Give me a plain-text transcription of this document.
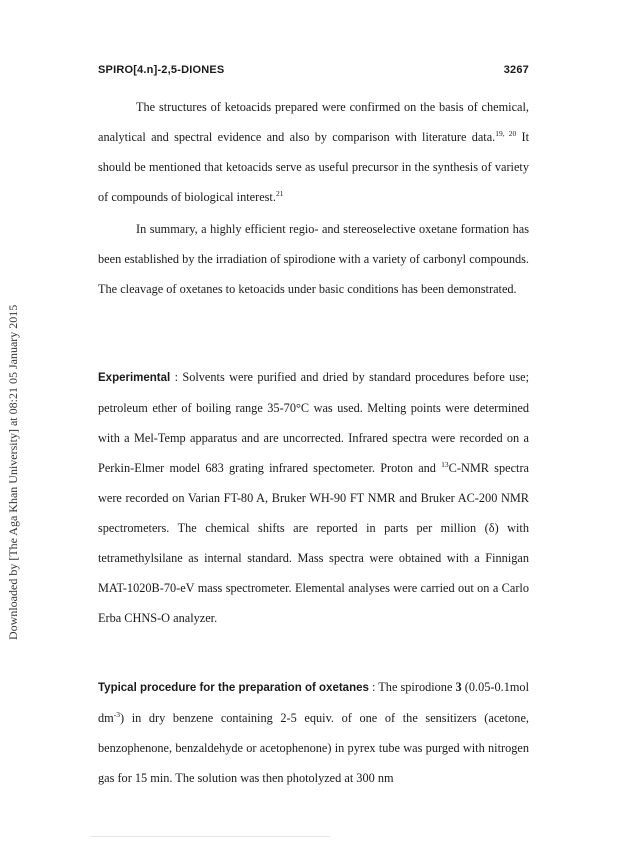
Downloaded by [The Aga Khan University] at 08:21 05 January 2015
SPIRO[4.n]-2,5-DIONES	3267

The structures of ketoacids prepared were confirmed on the basis of chemical, analytical and spectral evidence and also by comparison with literature data.$^{19, 20}$ It should be mentioned that ketoacids serve as useful precursor in the synthesis of variety of compounds of biological interest.$^{21}$

In summary, a highly efficient regio- and stereoselective oxetane formation has been established by the irradiation of spirodione with a variety of carbonyl compounds. The cleavage of oxetanes to ketoacids under basic conditions has been demonstrated.

Experimental : Solvents were purified and dried by standard procedures before use; petroleum ether of boiling range 35-70°C was used. Melting points were determined with a Mel-Temp apparatus and are uncorrected. Infrared spectra were recorded on a Perkin-Elmer model 683 grating infrared spectometer. Proton and $^{13}$C-NMR spectra were recorded on Varian FT-80 A, Bruker WH-90 FT NMR and Bruker AC-200 NMR spectrometers. The chemical shifts are reported in parts per million (δ) with tetramethylsilane as internal standard. Mass spectra were obtained with a Finnigan MAT-1020B-70-eV mass spectrometer. Elemental analyses were carried out on a Carlo Erba CHNS-O analyzer.

Typical procedure for the preparation of oxetanes : The spirodione 3 (0.05-0.1mol $dm^{-3}$) in dry benzene containing 2-5 equiv. of one of the sensitizers (acetone, benzophenone, benzaldehyde or acetophenone) in pyrex tube was purged with nitrogen gas for 15 min. The solution was then photolyzed at 300 nm
